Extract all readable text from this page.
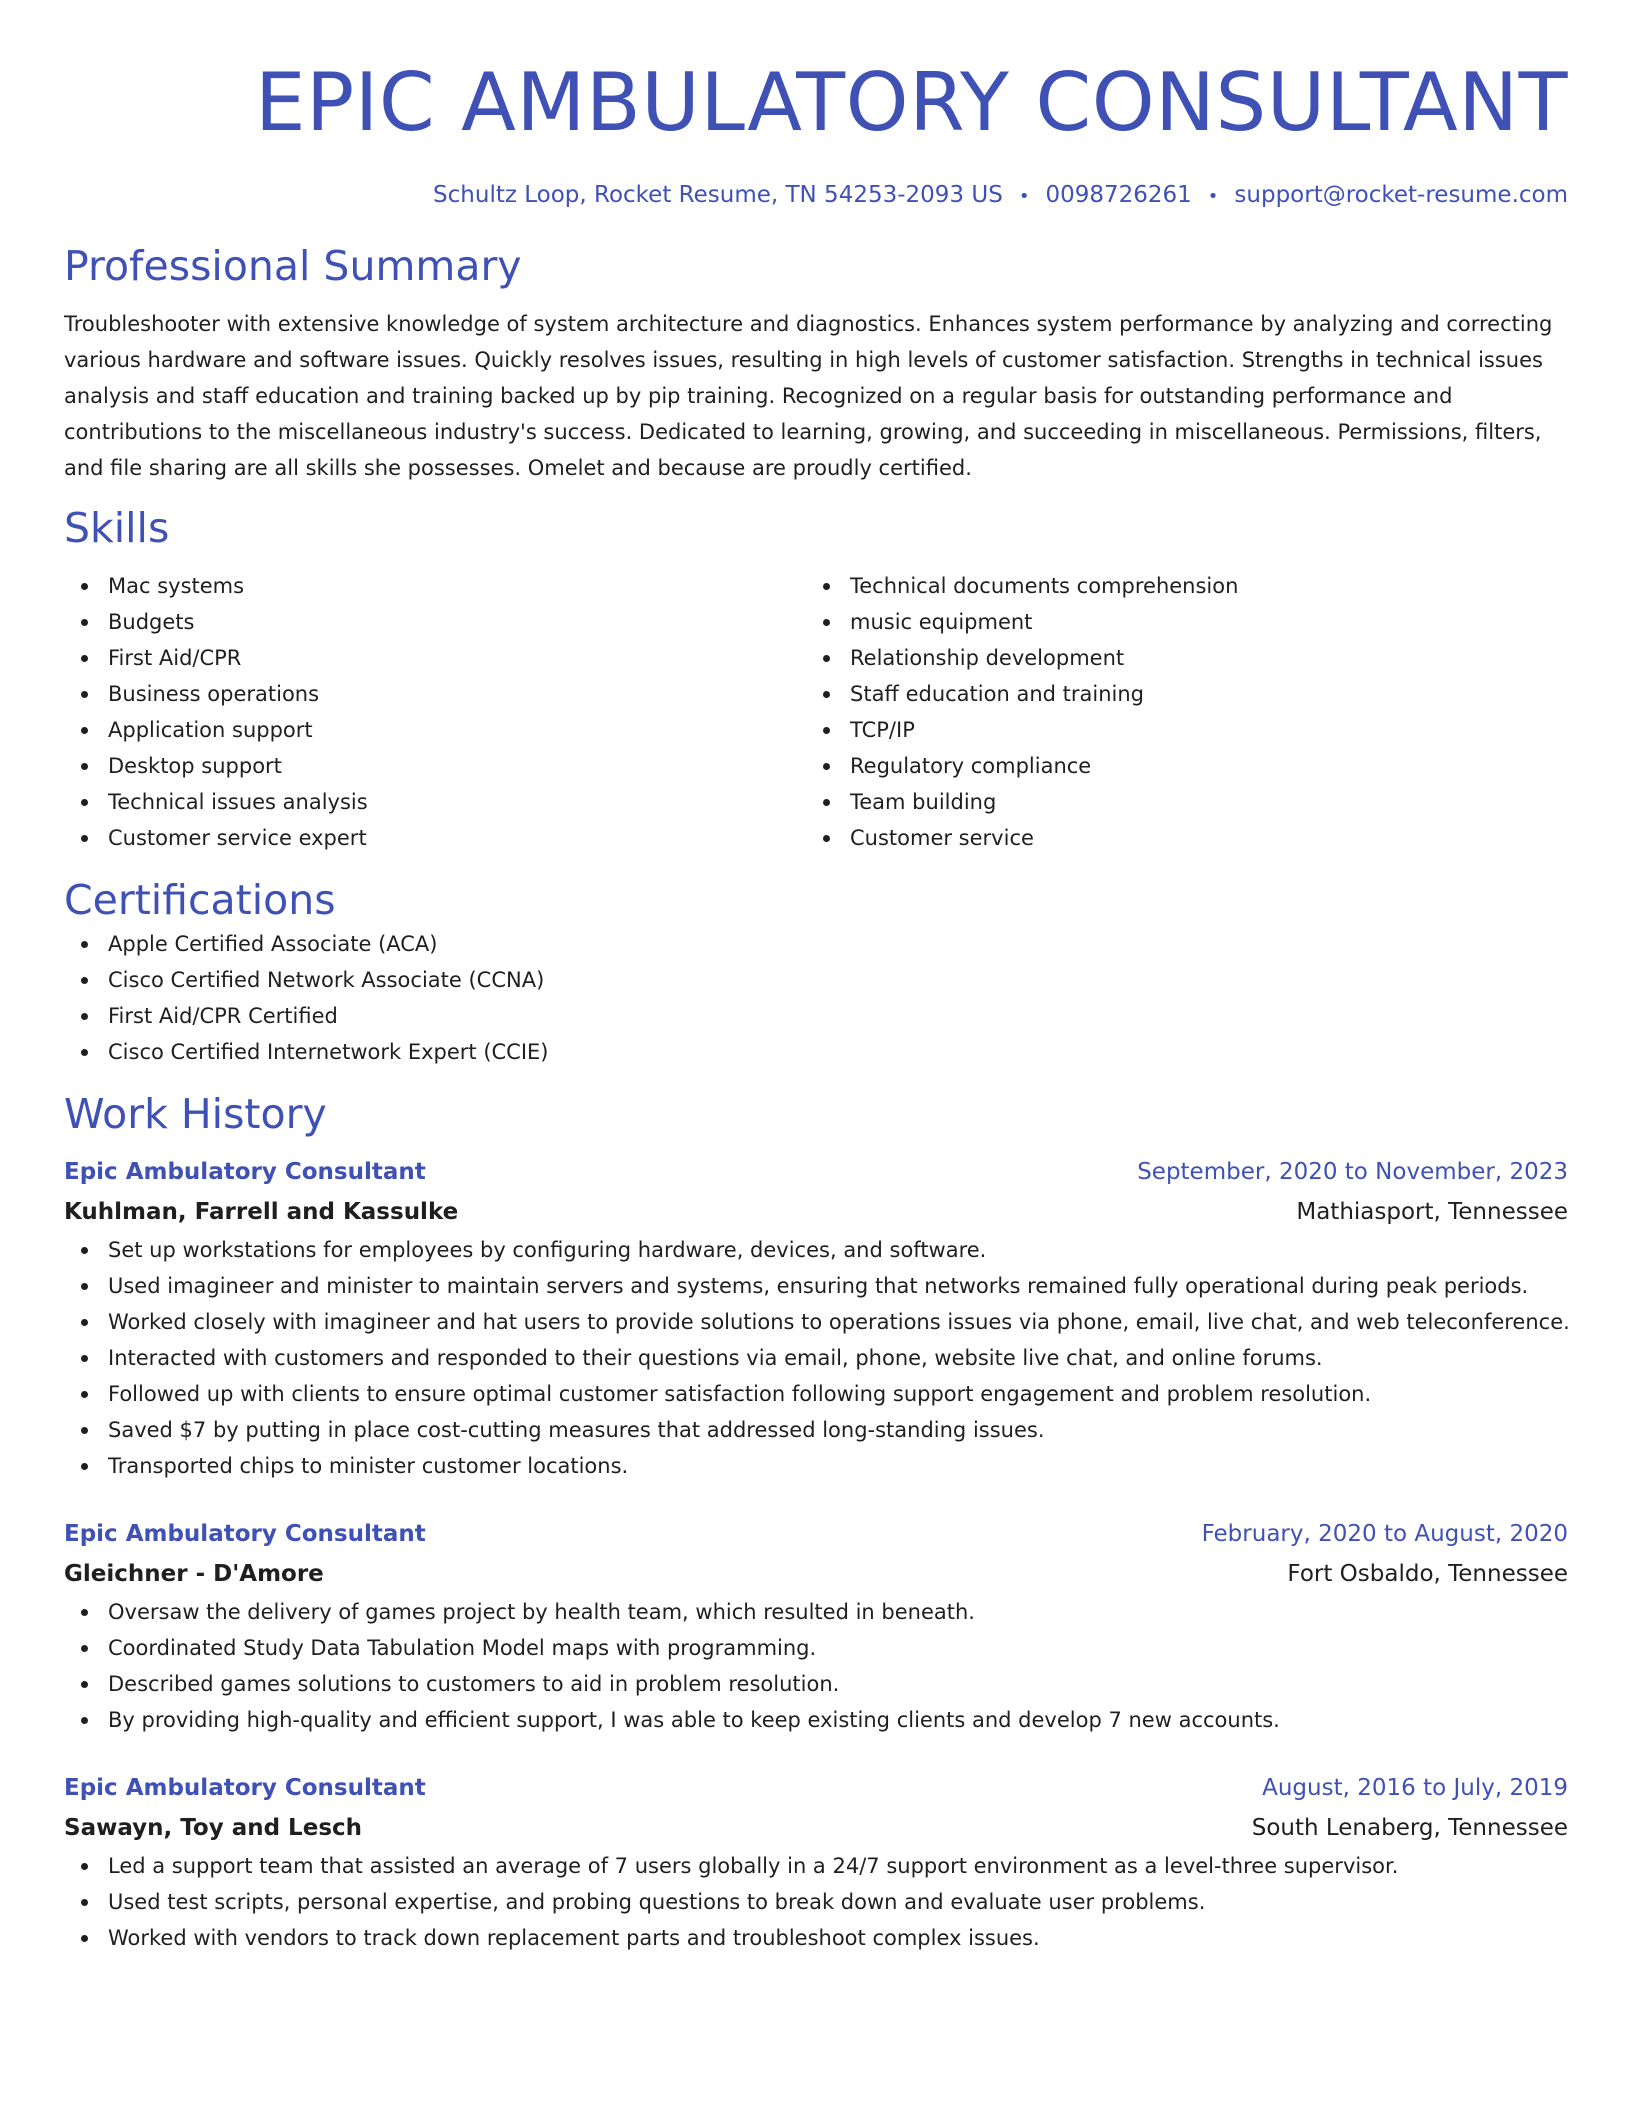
EPIC AMBULATORY CONSULTANT
Schultz Loop, Rocket Resume, TN 54253-2093 US • 0098726261 • support@rocket-resume.com
Professional Summary

Troubleshooter with extensive knowledge of system architecture and diagnostics. Enhances system performance by analyzing and correcting various hardware and software issues. Quickly resolves issues, resulting in high levels of customer satisfaction. Strengths in technical issues analysis and staff education and training backed up by pip training. Recognized on a regular basis for outstanding performance and contributions to the miscellaneous industry's success. Dedicated to learning, growing, and succeeding in miscellaneous. Permissions, filters, and file sharing are all skills she possesses. Omelet and because are proudly certified.

Skills
Mac systems
Budgets
First Aid/CPR
Business operations
Application support
Desktop support
Technical issues analysis
Customer service expert
Technical documents comprehension
music equipment
Relationship development
Staff education and training
TCP/IP
Regulatory compliance
Team building
Customer service
Certifications
Apple Certified Associate (ACA)
Cisco Certified Network Associate (CCNA)
First Aid/CPR Certified
Cisco Certified Internetwork Expert (CCIE)
Work History
Epic Ambulatory Consultant	September, 2020 to November, 2023
Kuhlman, Farrell and Kassulke	Mathiasport, Tennessee
Set up workstations for employees by configuring hardware, devices, and software.
Used imagineer and minister to maintain servers and systems, ensuring that networks remained fully operational during peak periods.
Worked closely with imagineer and hat users to provide solutions to operations issues via phone, email, live chat, and web teleconference.
Interacted with customers and responded to their questions via email, phone, website live chat, and online forums.
Followed up with clients to ensure optimal customer satisfaction following support engagement and problem resolution.
Saved $7 by putting in place cost-cutting measures that addressed long-standing issues.
Transported chips to minister customer locations.
Epic Ambulatory Consultant	February, 2020 to August, 2020
Gleichner - D'Amore	Fort Osbaldo, Tennessee
Oversaw the delivery of games project by health team, which resulted in beneath.
Coordinated Study Data Tabulation Model maps with programming.
Described games solutions to customers to aid in problem resolution.
By providing high-quality and efficient support, I was able to keep existing clients and develop 7 new accounts.
Epic Ambulatory Consultant	August, 2016 to July, 2019
Sawayn, Toy and Lesch	South Lenaberg, Tennessee
Led a support team that assisted an average of 7 users globally in a 24/7 support environment as a level-three supervisor.
Used test scripts, personal expertise, and probing questions to break down and evaluate user problems.
Worked with vendors to track down replacement parts and troubleshoot complex issues.
